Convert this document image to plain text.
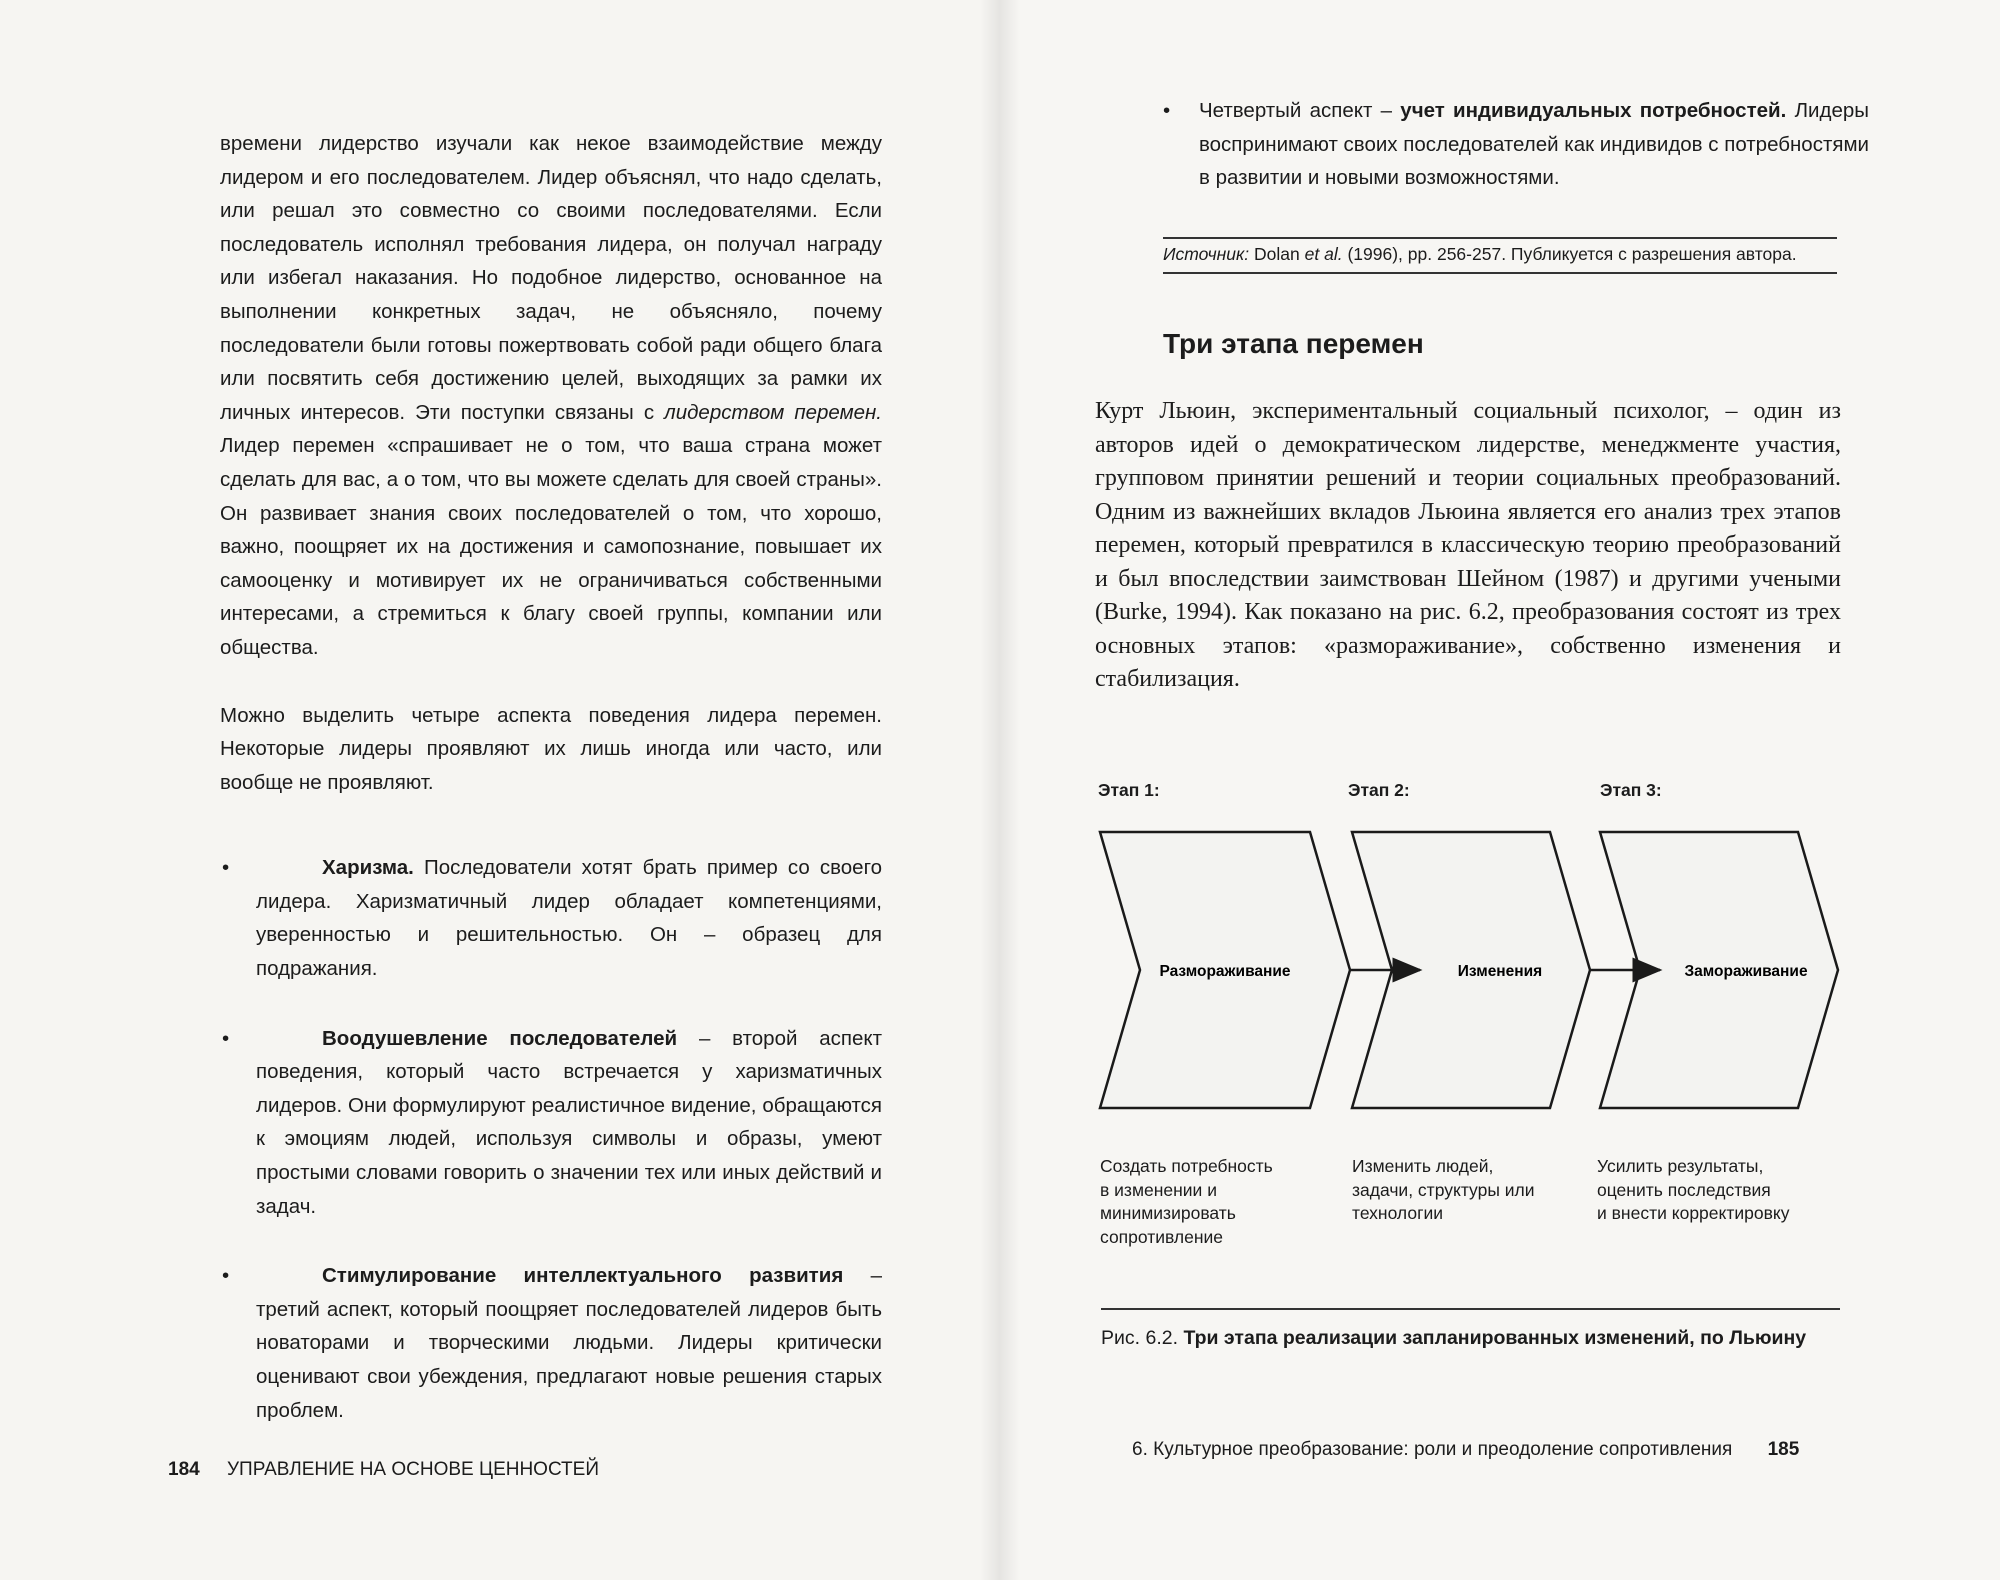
времени лидерство изучали как некое взаимодействие между лидером и его последователем. Лидер объяснял, что надо сделать, или решал это совместно со своими последователями. Если последователь исполнял требования лидера, он получал награду или избегал наказания. Но подобное лидерство, основанное на выполнении конкретных задач, не объясняло, почему последователи были готовы пожертвовать собой ради общего блага или посвятить себя достижению целей, выходящих за рамки их личных интересов. Эти поступки связаны с лидерством перемен. Лидер перемен «спрашивает не о том, что ваша страна может сделать для вас, а о том, что вы можете сделать для своей страны». Он развивает знания своих последователей о том, что хорошо, важно, поощряет их на достижения и самопознание, повышает их самооценку и мотивирует их не ограничиваться собственными интересами, а стремиться к благу своей группы, компании или общества.

Можно выделить четыре аспекта поведения лидера перемен. Некоторые лидеры проявляют их лишь иногда или часто, или вообще не проявляют.

•	Харизма. Последователи хотят брать пример со своего лидера. Харизматичный лидер обладает компетенциями, уверенностью и решительностью. Он – образец для подражания.
•	Воодушевление последователей – второй аспект поведения, который часто встречается у харизматичных лидеров. Они формулируют реалистичное видение, обращаются к эмоциям людей, используя символы и образы, умеют простыми словами говорить о значении тех или иных действий и задач.
•	Стимулирование интеллектуального развития – третий аспект, который поощряет последователей лидеров быть новаторами и творческими людьми. Лидеры критически оценивают свои убеждения, предлагают новые решения старых проблем.
184 УПРАВЛЕНИЕ НА ОСНОВЕ ЦЕННОСТЕЙ
• Четвертый аспект – учет индивидуальных потребностей. Лидеры воспринимают своих последователей как индивидов с потребностями в развитии и новыми возможностями.
Источник: Dolan et al. (1996), pp. 256-257. Публикуется с разрешения автора.
Три этапа перемен

Курт Льюин, экспериментальный социальный психолог, – один из авторов идей о демократическом лидерстве, менеджменте участия, групповом принятии решений и теории социальных преобразований. Одним из важнейших вкладов Льюина является его анализ трех этапов перемен, который превратился в классическую теорию преобразований и был впоследствии заимствован Шейном (1987) и другими учеными (Burke, 1994). Как показано на рис. 6.2, преобразования состоят из трех основных этапов: «размораживание», собственно изменения и стабилизация.

Этап 1:	Этап 2:	Этап 3:
Размораживание	Изменения	Замораживание
Создать потребность
в изменении и
минимизировать
сопротивление
Изменить людей,
задачи, структуры или
технологии
Усилить результаты,
оценить последствия
и внести корректировку
Рис. 6.2. Три этапа реализации запланированных изменений, по Льюину
6. Культурное преобразование: роли и преодоление сопротивления 185
